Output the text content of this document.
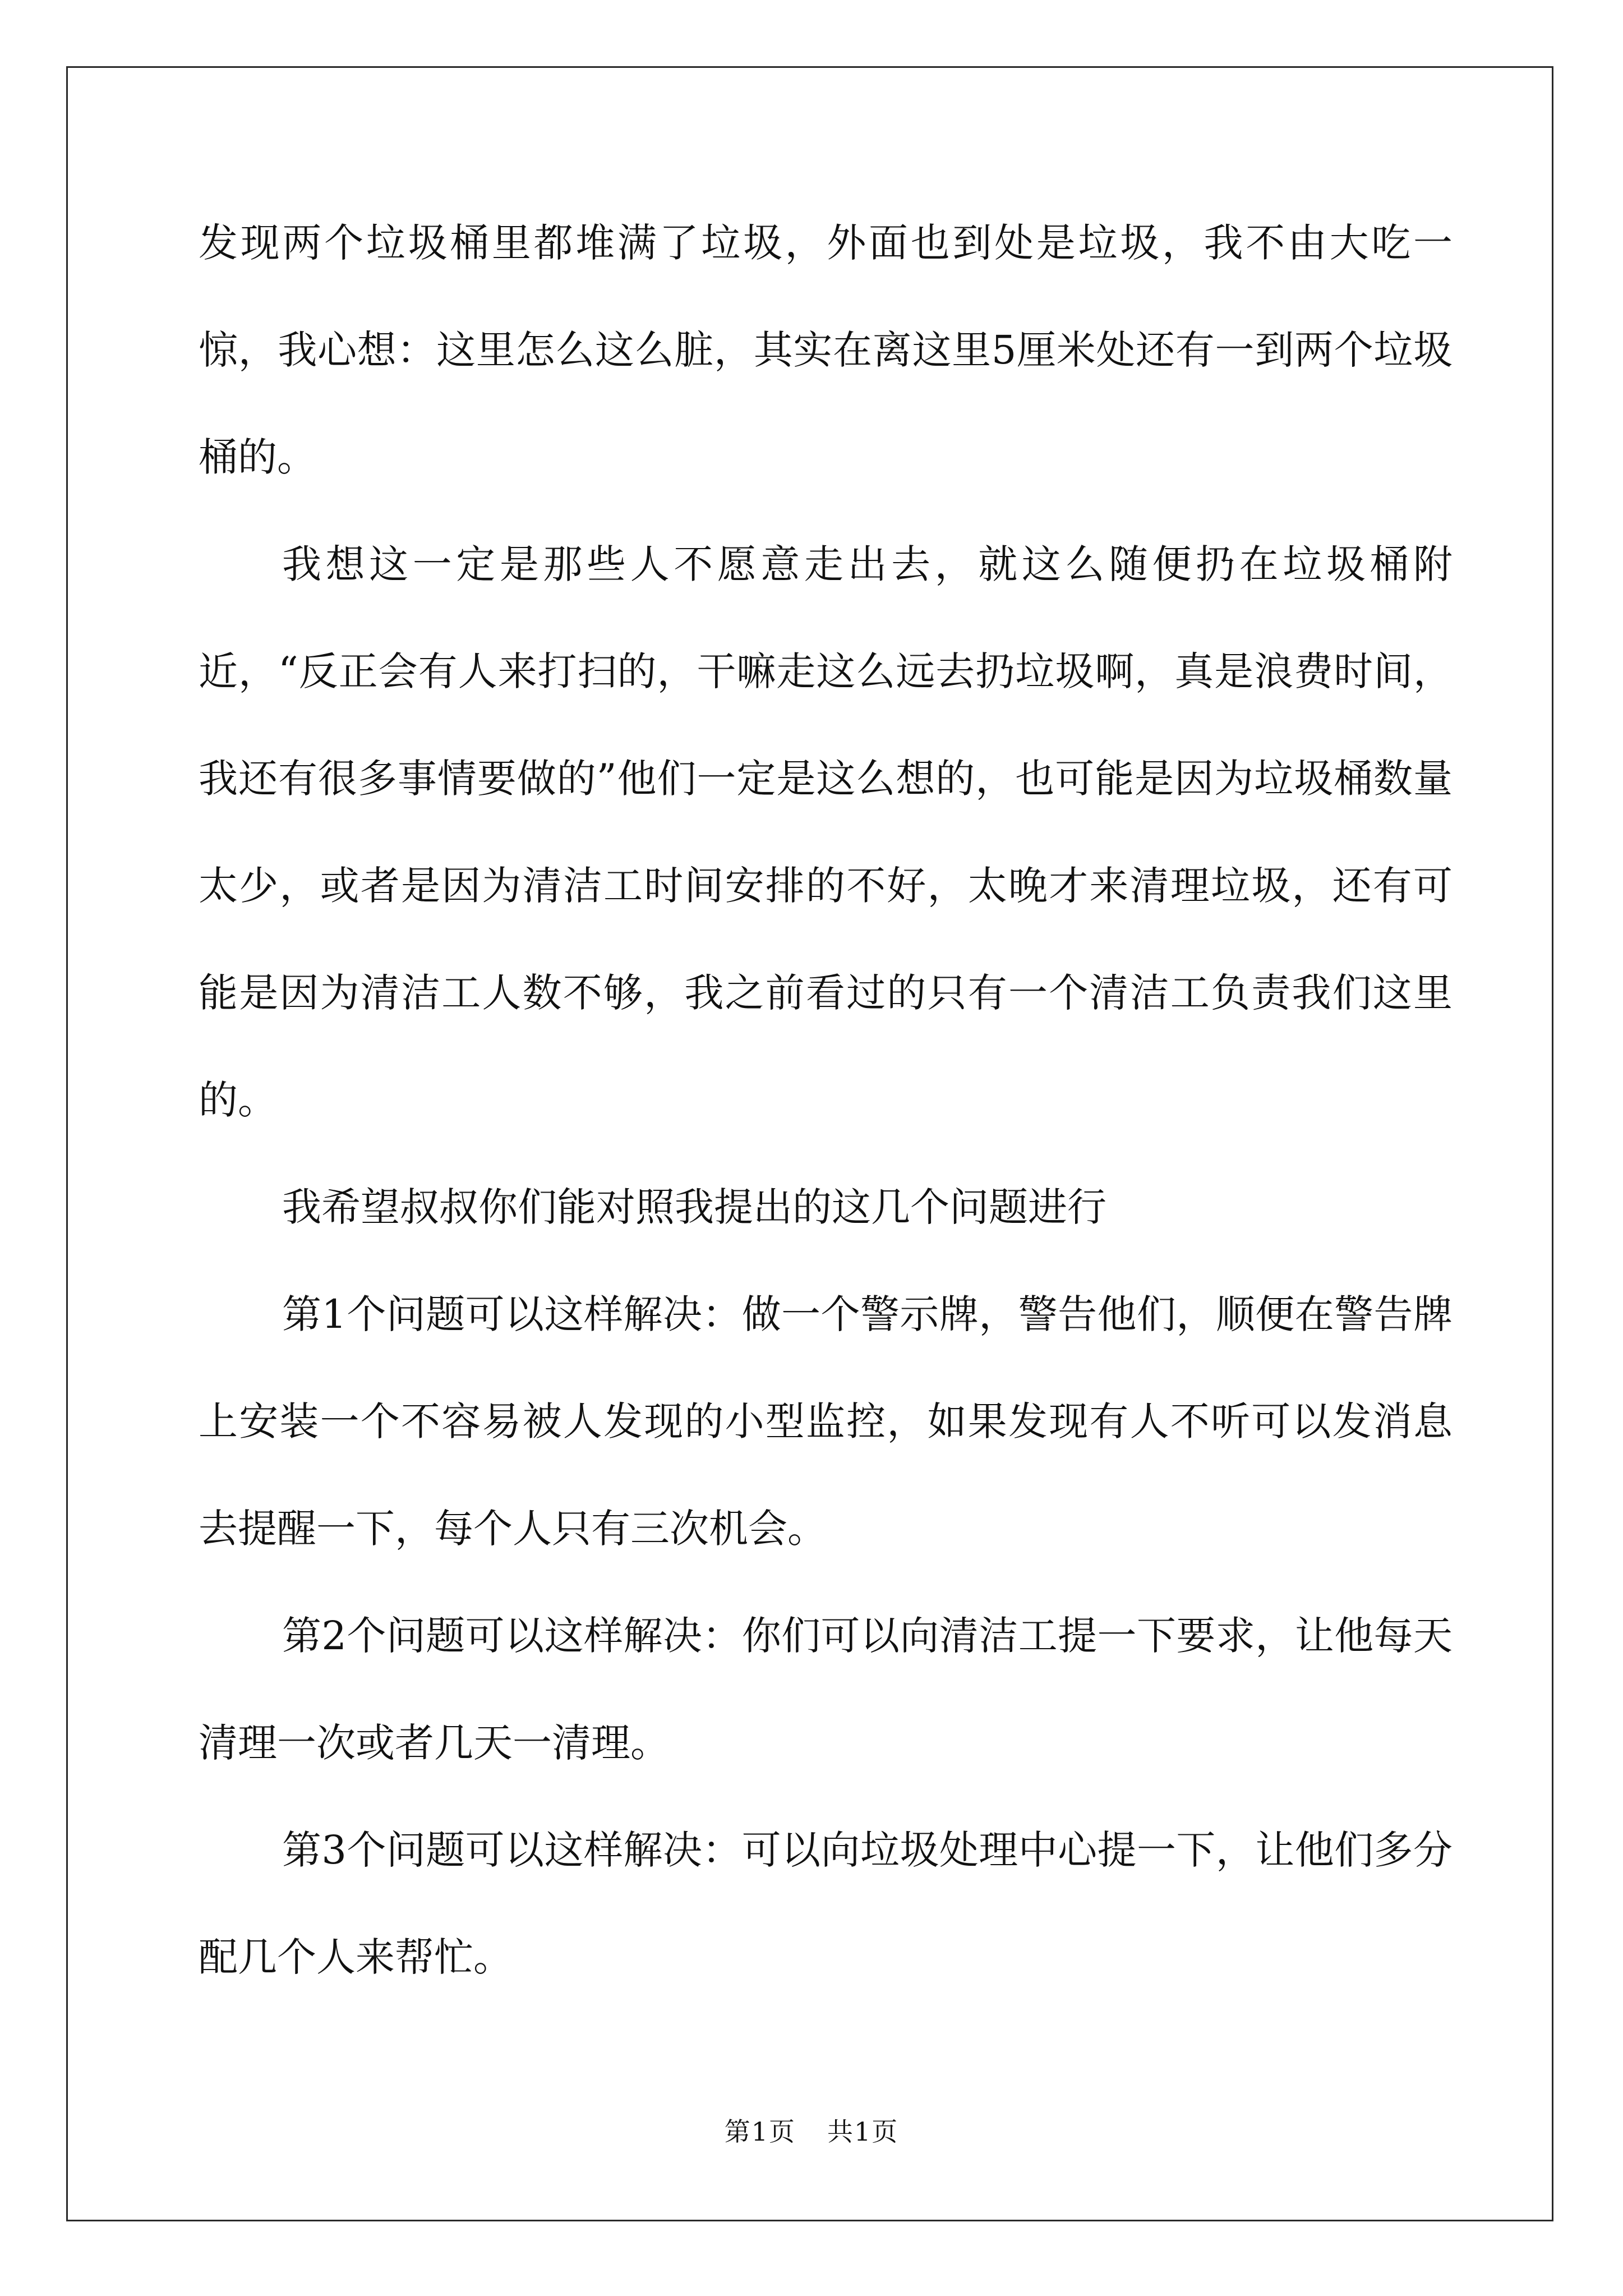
发现两个垃圾桶里都堆满了垃圾，外面也到处是垃圾，我不由大吃一惊，我心想：这里怎么这么脏，其实在离这里5厘米处还有一到两个垃圾桶的。

我想这一定是那些人不愿意走出去，就这么随便扔在垃圾桶附近，“反正会有人来打扫的，干嘛走这么远去扔垃圾啊，真是浪费时间，我还有很多事情要做的”他们一定是这么想的，也可能是因为垃圾桶数量太少，或者是因为清洁工时间安排的不好，太晚才来清理垃圾，还有可能是因为清洁工人数不够，我之前看过的只有一个清洁工负责我们这里的。

我希望叔叔你们能对照我提出的这几个问题进行

第1个问题可以这样解决：做一个警示牌，警告他们，顺便在警告牌上安装一个不容易被人发现的小型监控，如果发现有人不听可以发消息去提醒一下，每个人只有三次机会。

第2个问题可以这样解决：你们可以向清洁工提一下要求，让他每天清理一次或者几天一清理。

第3个问题可以这样解决：可以向垃圾处理中心提一下，让他们多分配几个人来帮忙。

第1页 共1页
